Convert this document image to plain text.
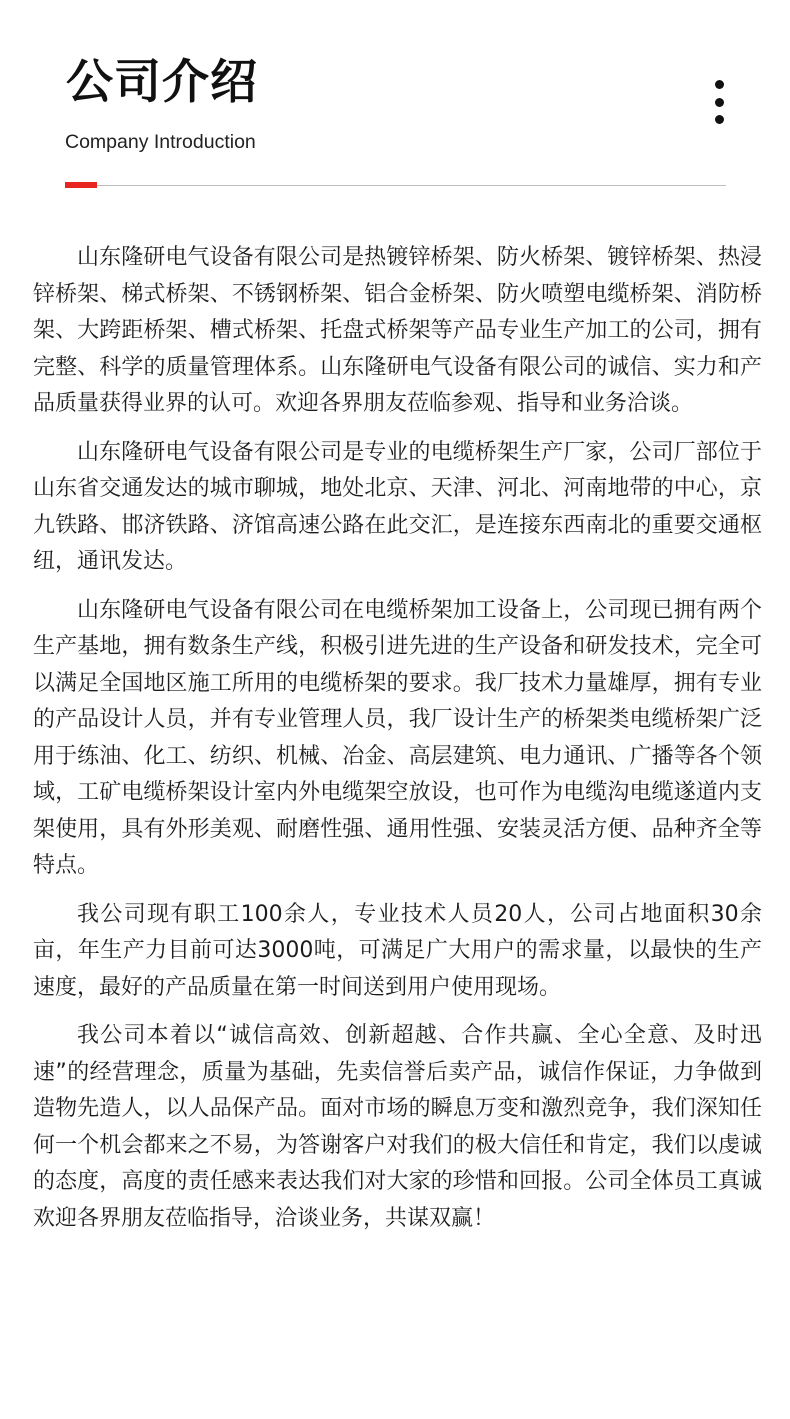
公司介绍
Company Introduction

山东隆研电气设备有限公司是热镀锌桥架、防火桥架、镀锌桥架、热浸锌桥架、梯式桥架、不锈钢桥架、铝合金桥架、防火喷塑电缆桥架、消防桥架、大跨距桥架、槽式桥架、托盘式桥架等产品专业生产加工的公司，拥有完整、科学的质量管理体系。山东隆研电气设备有限公司的诚信、实力和产品质量获得业界的认可。欢迎各界朋友莅临参观、指导和业务洽谈。

山东隆研电气设备有限公司是专业的电缆桥架生产厂家，公司厂部位于山东省交通发达的城市聊城，地处北京、天津、河北、河南地带的中心，京九铁路、邯济铁路、济馆高速公路在此交汇，是连接东西南北的重要交通枢纽，通讯发达。

山东隆研电气设备有限公司在电缆桥架加工设备上，公司现已拥有两个生产基地，拥有数条生产线，积极引进先进的生产设备和研发技术，完全可以满足全国地区施工所用的电缆桥架的要求。我厂技术力量雄厚，拥有专业的产品设计人员，并有专业管理人员，我厂设计生产的桥架类电缆桥架广泛用于练油、化工、纺织、机械、冶金、高层建筑、电力通讯、广播等各个领域，工矿电缆桥架设计室内外电缆架空放设，也可作为电缆沟电缆遂道内支架使用，具有外形美观、耐磨性强、通用性强、安装灵活方便、品种齐全等特点。

我公司现有职工100余人，专业技术人员20人，公司占地面积30余亩，年生产力目前可达3000吨，可满足广大用户的需求量，以最快的生产速度，最好的产品质量在第一时间送到用户使用现场。

我公司本着以“诚信高效、创新超越、合作共赢、全心全意、及时迅速”的经营理念，质量为基础，先卖信誉后卖产品，诚信作保证，力争做到造物先造人，以人品保产品。面对市场的瞬息万变和激烈竞争，我们深知任何一个机会都来之不易，为答谢客户对我们的极大信任和肯定，我们以虔诚的态度，高度的责任感来表达我们对大家的珍惜和回报。公司全体员工真诚欢迎各界朋友莅临指导，洽谈业务，共谋双赢！
